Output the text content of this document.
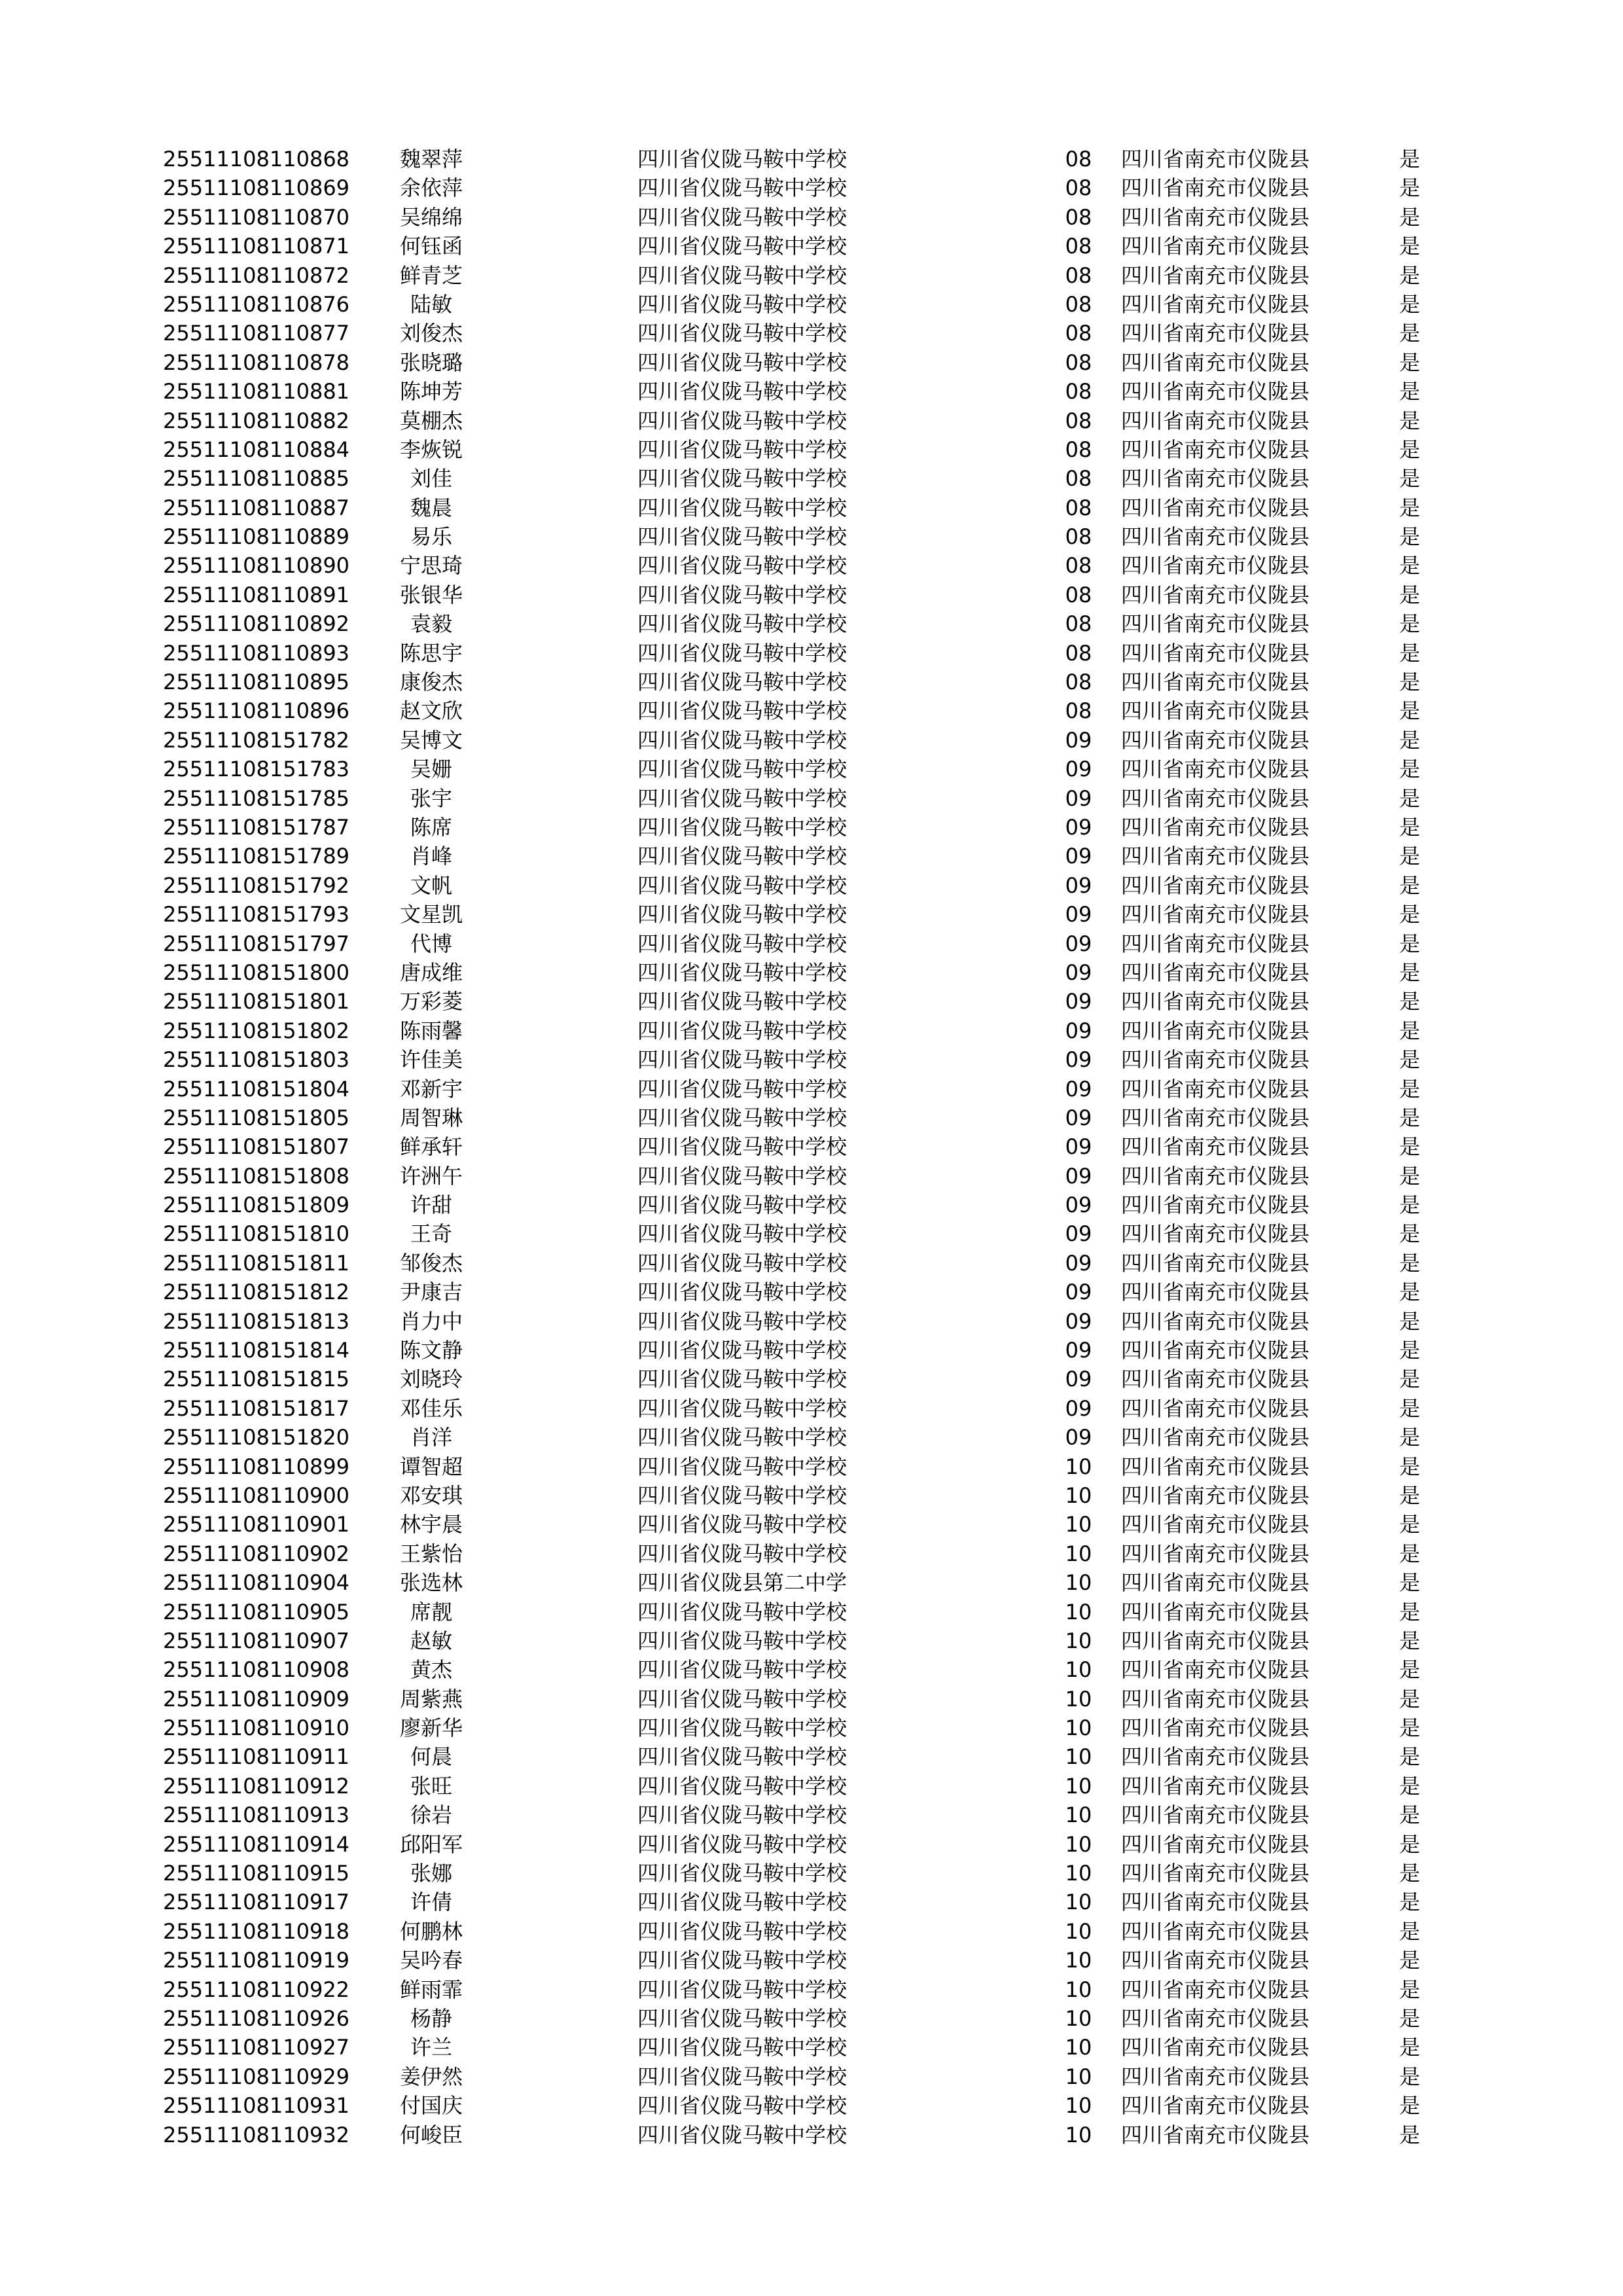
25511108110868	魏翠萍	四川省仪陇马鞍中学校	08	四川省南充市仪陇县	是
25511108110869	余依萍	四川省仪陇马鞍中学校	08	四川省南充市仪陇县	是
25511108110870	吴绵绵	四川省仪陇马鞍中学校	08	四川省南充市仪陇县	是
25511108110871	何钰函	四川省仪陇马鞍中学校	08	四川省南充市仪陇县	是
25511108110872	鲜青芝	四川省仪陇马鞍中学校	08	四川省南充市仪陇县	是
25511108110876	陆敏	四川省仪陇马鞍中学校	08	四川省南充市仪陇县	是
25511108110877	刘俊杰	四川省仪陇马鞍中学校	08	四川省南充市仪陇县	是
25511108110878	张晓璐	四川省仪陇马鞍中学校	08	四川省南充市仪陇县	是
25511108110881	陈坤芳	四川省仪陇马鞍中学校	08	四川省南充市仪陇县	是
25511108110882	莫棚杰	四川省仪陇马鞍中学校	08	四川省南充市仪陇县	是
25511108110884	李烣锐	四川省仪陇马鞍中学校	08	四川省南充市仪陇县	是
25511108110885	刘佳	四川省仪陇马鞍中学校	08	四川省南充市仪陇县	是
25511108110887	魏晨	四川省仪陇马鞍中学校	08	四川省南充市仪陇县	是
25511108110889	易乐	四川省仪陇马鞍中学校	08	四川省南充市仪陇县	是
25511108110890	宁思琦	四川省仪陇马鞍中学校	08	四川省南充市仪陇县	是
25511108110891	张银华	四川省仪陇马鞍中学校	08	四川省南充市仪陇县	是
25511108110892	袁毅	四川省仪陇马鞍中学校	08	四川省南充市仪陇县	是
25511108110893	陈思宇	四川省仪陇马鞍中学校	08	四川省南充市仪陇县	是
25511108110895	康俊杰	四川省仪陇马鞍中学校	08	四川省南充市仪陇县	是
25511108110896	赵文欣	四川省仪陇马鞍中学校	08	四川省南充市仪陇县	是
25511108151782	吴博文	四川省仪陇马鞍中学校	09	四川省南充市仪陇县	是
25511108151783	吴姗	四川省仪陇马鞍中学校	09	四川省南充市仪陇县	是
25511108151785	张宇	四川省仪陇马鞍中学校	09	四川省南充市仪陇县	是
25511108151787	陈席	四川省仪陇马鞍中学校	09	四川省南充市仪陇县	是
25511108151789	肖峰	四川省仪陇马鞍中学校	09	四川省南充市仪陇县	是
25511108151792	文帆	四川省仪陇马鞍中学校	09	四川省南充市仪陇县	是
25511108151793	文星凯	四川省仪陇马鞍中学校	09	四川省南充市仪陇县	是
25511108151797	代博	四川省仪陇马鞍中学校	09	四川省南充市仪陇县	是
25511108151800	唐成维	四川省仪陇马鞍中学校	09	四川省南充市仪陇县	是
25511108151801	万彩菱	四川省仪陇马鞍中学校	09	四川省南充市仪陇县	是
25511108151802	陈雨馨	四川省仪陇马鞍中学校	09	四川省南充市仪陇县	是
25511108151803	许佳美	四川省仪陇马鞍中学校	09	四川省南充市仪陇县	是
25511108151804	邓新宇	四川省仪陇马鞍中学校	09	四川省南充市仪陇县	是
25511108151805	周智琳	四川省仪陇马鞍中学校	09	四川省南充市仪陇县	是
25511108151807	鲜承轩	四川省仪陇马鞍中学校	09	四川省南充市仪陇县	是
25511108151808	许洲午	四川省仪陇马鞍中学校	09	四川省南充市仪陇县	是
25511108151809	许甜	四川省仪陇马鞍中学校	09	四川省南充市仪陇县	是
25511108151810	王奇	四川省仪陇马鞍中学校	09	四川省南充市仪陇县	是
25511108151811	邹俊杰	四川省仪陇马鞍中学校	09	四川省南充市仪陇县	是
25511108151812	尹康吉	四川省仪陇马鞍中学校	09	四川省南充市仪陇县	是
25511108151813	肖力中	四川省仪陇马鞍中学校	09	四川省南充市仪陇县	是
25511108151814	陈文静	四川省仪陇马鞍中学校	09	四川省南充市仪陇县	是
25511108151815	刘晓玲	四川省仪陇马鞍中学校	09	四川省南充市仪陇县	是
25511108151817	邓佳乐	四川省仪陇马鞍中学校	09	四川省南充市仪陇县	是
25511108151820	肖洋	四川省仪陇马鞍中学校	09	四川省南充市仪陇县	是
25511108110899	谭智超	四川省仪陇马鞍中学校	10	四川省南充市仪陇县	是
25511108110900	邓安琪	四川省仪陇马鞍中学校	10	四川省南充市仪陇县	是
25511108110901	林宇晨	四川省仪陇马鞍中学校	10	四川省南充市仪陇县	是
25511108110902	王紫怡	四川省仪陇马鞍中学校	10	四川省南充市仪陇县	是
25511108110904	张选林	四川省仪陇县第二中学	10	四川省南充市仪陇县	是
25511108110905	席靓	四川省仪陇马鞍中学校	10	四川省南充市仪陇县	是
25511108110907	赵敏	四川省仪陇马鞍中学校	10	四川省南充市仪陇县	是
25511108110908	黄杰	四川省仪陇马鞍中学校	10	四川省南充市仪陇县	是
25511108110909	周紫燕	四川省仪陇马鞍中学校	10	四川省南充市仪陇县	是
25511108110910	廖新华	四川省仪陇马鞍中学校	10	四川省南充市仪陇县	是
25511108110911	何晨	四川省仪陇马鞍中学校	10	四川省南充市仪陇县	是
25511108110912	张旺	四川省仪陇马鞍中学校	10	四川省南充市仪陇县	是
25511108110913	徐岩	四川省仪陇马鞍中学校	10	四川省南充市仪陇县	是
25511108110914	邱阳军	四川省仪陇马鞍中学校	10	四川省南充市仪陇县	是
25511108110915	张娜	四川省仪陇马鞍中学校	10	四川省南充市仪陇县	是
25511108110917	许倩	四川省仪陇马鞍中学校	10	四川省南充市仪陇县	是
25511108110918	何鹏林	四川省仪陇马鞍中学校	10	四川省南充市仪陇县	是
25511108110919	吴吟春	四川省仪陇马鞍中学校	10	四川省南充市仪陇县	是
25511108110922	鲜雨霏	四川省仪陇马鞍中学校	10	四川省南充市仪陇县	是
25511108110926	杨静	四川省仪陇马鞍中学校	10	四川省南充市仪陇县	是
25511108110927	许兰	四川省仪陇马鞍中学校	10	四川省南充市仪陇县	是
25511108110929	姜伊然	四川省仪陇马鞍中学校	10	四川省南充市仪陇县	是
25511108110931	付国庆	四川省仪陇马鞍中学校	10	四川省南充市仪陇县	是
25511108110932	何峻臣	四川省仪陇马鞍中学校	10	四川省南充市仪陇县	是
